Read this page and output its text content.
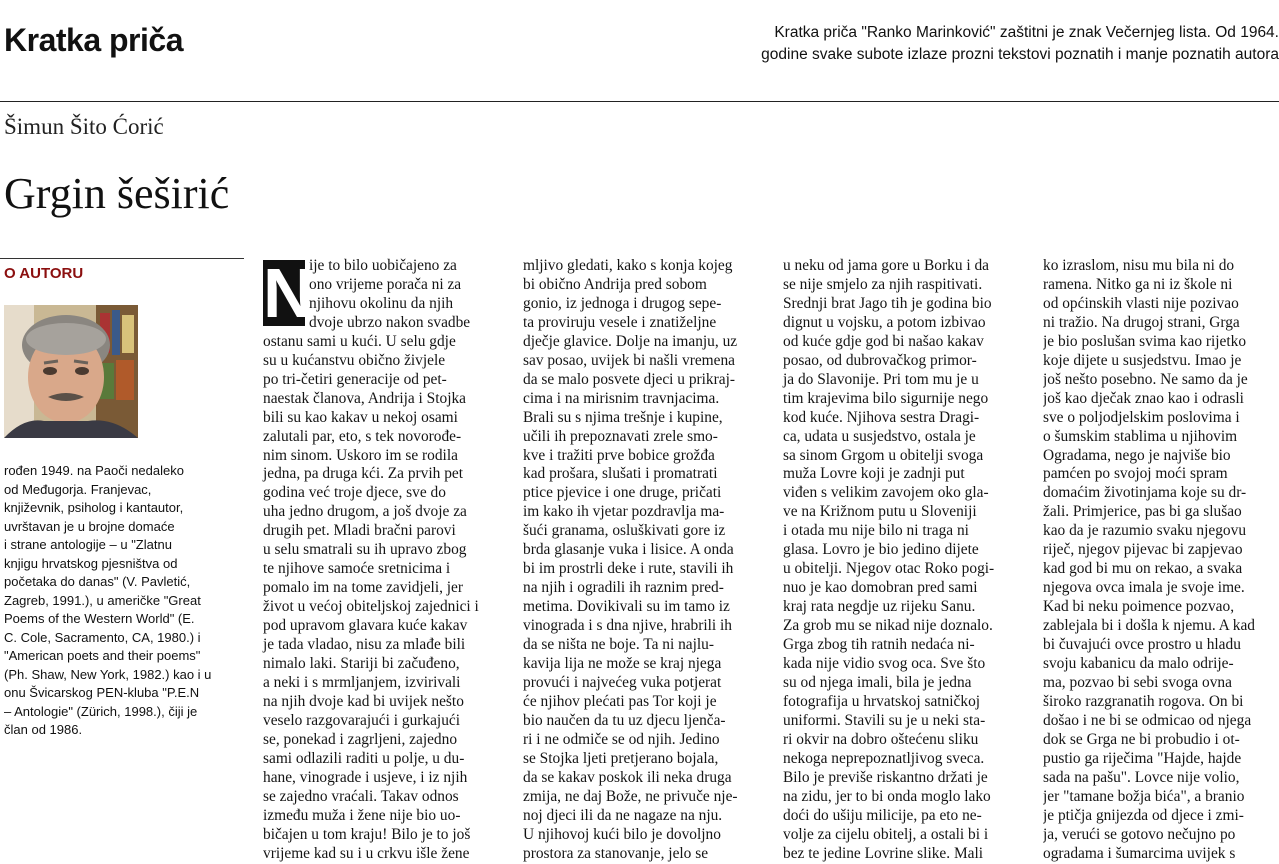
Kratka priča	Kratka priča "Ranko Marinković" zaštitni je znak Večernjeg lista. Od 1964.
godine svake subote izlaze prozni tekstovi poznatih i manje poznatih autora
Šimun Šito Ćorić
Grgin šeširić
O AUTORU
rođen 1949. na Paoči nedaleko
od Međugorja. Franjevac,
književnik, psiholog i kantautor,
uvrštavan je u brojne domaće
i strane antologije – u "Zlatnu
knjigu hrvatskog pjesništva od
početaka do danas" (V. Pavletić,
Zagreb, 1991.), u američke "Great
Poems of the Western World" (E.
C. Cole, Sacramento, CA, 1980.) i
"American poets and their poems"
(Ph. Shaw, New York, 1982.) kao i u
onu Švicarskog PEN-kluba "P.E.N
– Antologie" (Zürich, 1998.), čiji je
član od 1986.
N
ije to bilo uobičajeno za
ono vrijeme porača ni za
njihovu okolinu da njih
dvoje ubrzo nakon svadbe
ostanu sami u kući. U selu gdje
su u kućanstvu obično živjele
po tri-četiri generacije od pet-
naestak članova, Andrija i Stojka
bili su kao kakav u nekoj osami
zalutali par, eto, s tek novorođe-
nim sinom. Uskoro im se rodila
jedna, pa druga kći. Za prvih pet
godina već troje djece, sve do
uha jedno drugom, a još dvoje za
drugih pet. Mladi bračni parovi
u selu smatrali su ih upravo zbog
te njihove samoće sretnicima i
pomalo im na tome zavidjeli, jer
život u većoj obiteljskoj zajednici i
pod upravom glavara kuće kakav
je tada vladao, nisu za mlađe bili
nimalo laki. Stariji bi začuđeno,
a neki i s mrmljanjem, izvirivali
na njih dvoje kad bi uvijek nešto
veselo razgovarajući i gurkajući
se, ponekad i zagrljeni, zajedno
sami odlazili raditi u polje, u du-
hane, vinograde i usjeve, i iz njih
se zajedno vraćali. Takav odnos
između muža i žene nije bio uo-
bičajen u tom kraju! Bilo je to još
vrijeme kad su i u crkvu išle žene
mljivo gledati, kako s konja kojeg
bi obično Andrija pred sobom
gonio, iz jednoga i drugog sepe-
ta proviruju vesele i znatiželjne
dječje glavice. Dolje na imanju, uz
sav posao, uvijek bi našli vremena
da se malo posvete djeci u prikraj-
cima i na mirisnim travnjacima.
Brali su s njima trešnje i kupine,
učili ih prepoznavati zrele smo-
kve i tražiti prve bobice grožđa
kad prošara, slušati i promatrati
ptice pjevice i one druge, pričati
im kako ih vjetar pozdravlja ma-
šući granama, osluškivati gore iz
brda glasanje vuka i lisice. A onda
bi im prostrli deke i rute, stavili ih
na njih i ogradili ih raznim pred-
metima. Dovikivali su im tamo iz
vinograda i s dna njive, hrabrili ih
da se ništa ne boje. Ta ni najlu-
kavija lija ne može se kraj njega
provući i najvećeg vuka potjerat
će njihov plećati pas Tor koji je
bio naučen da tu uz djecu ljenča-
ri i ne odmiče se od njih. Jedino
se Stojka ljeti pretjerano bojala,
da se kakav poskok ili neka druga
zmija, ne daj Bože, ne privuče nje-
noj djeci ili da ne nagaze na nju.
U njihovoj kući bilo je dovoljno
prostora za stanovanje, jelo se
u neku od jama gore u Borku i da
se nije smjelo za njih raspitivati.
Srednji brat Jago tih je godina bio
dignut u vojsku, a potom izbivao
od kuće gdje god bi našao kakav
posao, od dubrovačkog primor-
ja do Slavonije. Pri tom mu je u
tim krajevima bilo sigurnije nego
kod kuće. Njihova sestra Dragi-
ca, udata u susjedstvo, ostala je
sa sinom Grgom u obitelji svoga
muža Lovre koji je zadnji put
viđen s velikim zavojem oko gla-
ve na Križnom putu u Sloveniji
i otada mu nije bilo ni traga ni
glasa. Lovro je bio jedino dijete
u obitelji. Njegov otac Roko pogi-
nuo je kao domobran pred sami
kraj rata negdje uz rijeku Sanu.
Za grob mu se nikad nije doznalo.
Grga zbog tih ratnih nedaća ni-
kada nije vidio svog oca. Sve što
su od njega imali, bila je jedna
fotografija u hrvatskoj satničkoj
uniformi. Stavili su je u neki sta-
ri okvir na dobro oštećenu sliku
nekoga neprepoznatljivog sveca.
Bilo je previše riskantno držati je
na zidu, jer to bi onda moglo lako
doći do ušiju milicije, pa eto ne-
volje za cijelu obitelj, a ostali bi i
bez te jedine Lovrine slike. Mali
ko izraslom, nisu mu bila ni do
ramena. Nitko ga ni iz škole ni
od općinskih vlasti nije pozivao
ni tražio. Na drugoj strani, Grga
je bio poslušan svima kao rijetko
koje dijete u susjedstvu. Imao je
još nešto posebno. Ne samo da je
još kao dječak znao kao i odrasli
sve o poljodjelskim poslovima i
o šumskim stablima u njihovim
Ogradama, nego je najviše bio
pamćen po svojoj moći spram
domaćim životinjama koje su dr-
žali. Primjerice, pas bi ga slušao
kao da je razumio svaku njegovu
riječ, njegov pijevac bi zapjevao
kad god bi mu on rekao, a svaka
njegova ovca imala je svoje ime.
Kad bi neku poimence pozvao,
zablejala bi i došla k njemu. A kad
bi čuvajući ovce prostro u hladu
svoju kabanicu da malo odrije-
ma, pozvao bi sebi svoga ovna
široko razgranatih rogova. On bi
došao i ne bi se odmicao od njega
dok se Grga ne bi probudio i ot-
pustio ga riječima "Hajde, hajde
sada na pašu". Lovce nije volio,
jer "tamane božja bića", a branio
je ptičja gnijezda od djece i zmi-
ja, verući se gotovo nečujno po
ogradama i šumarcima uvijek s
